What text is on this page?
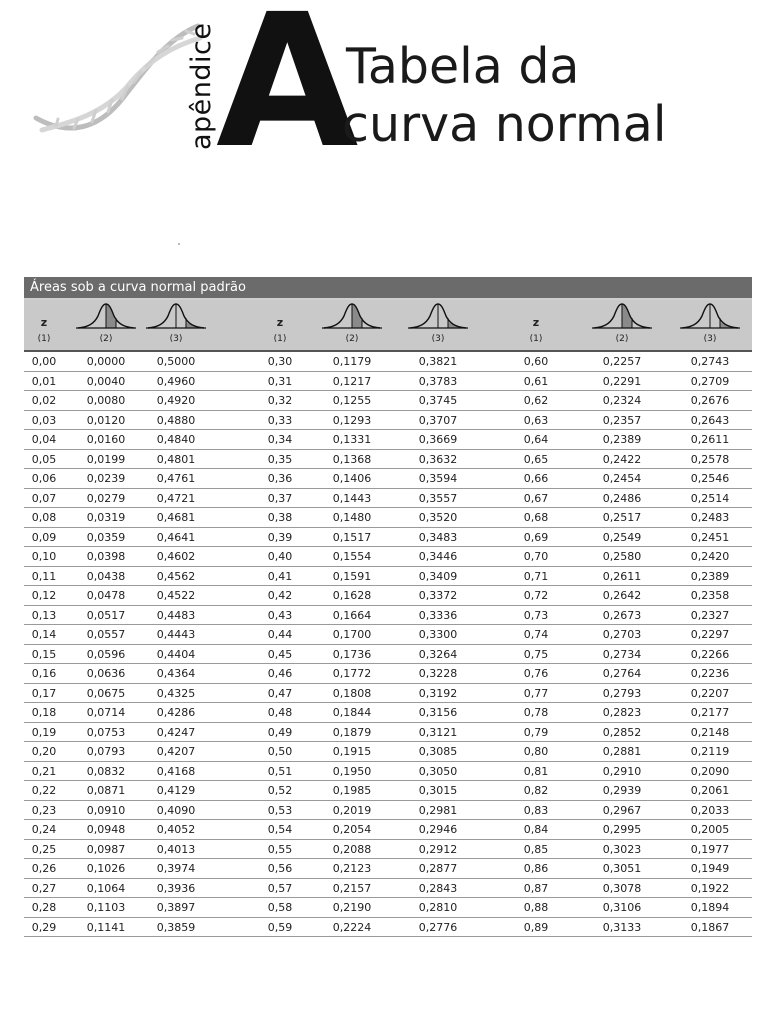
apêndice A
Tabela da
curva normal
Áreas sob a curva normal padrão
z
(1)	(2)	(3)
z
(1)	(2)	(3)
z
(1)	(2)	(3)
0,00	0,0000	0,5000	0,30	0,1179	0,3821	0,60	0,2257	0,2743
0,01	0,0040	0,4960	0,31	0,1217	0,3783	0,61	0,2291	0,2709
0,02	0,0080	0,4920	0,32	0,1255	0,3745	0,62	0,2324	0,2676
0,03	0,0120	0,4880	0,33	0,1293	0,3707	0,63	0,2357	0,2643
0,04	0,0160	0,4840	0,34	0,1331	0,3669	0,64	0,2389	0,2611
0,05	0,0199	0,4801	0,35	0,1368	0,3632	0,65	0,2422	0,2578
0,06	0,0239	0,4761	0,36	0,1406	0,3594	0,66	0,2454	0,2546
0,07	0,0279	0,4721	0,37	0,1443	0,3557	0,67	0,2486	0,2514
0,08	0,0319	0,4681	0,38	0,1480	0,3520	0,68	0,2517	0,2483
0,09	0,0359	0,4641	0,39	0,1517	0,3483	0,69	0,2549	0,2451
0,10	0,0398	0,4602	0,40	0,1554	0,3446	0,70	0,2580	0,2420
0,11	0,0438	0,4562	0,41	0,1591	0,3409	0,71	0,2611	0,2389
0,12	0,0478	0,4522	0,42	0,1628	0,3372	0,72	0,2642	0,2358
0,13	0,0517	0,4483	0,43	0,1664	0,3336	0,73	0,2673	0,2327
0,14	0,0557	0,4443	0,44	0,1700	0,3300	0,74	0,2703	0,2297
0,15	0,0596	0,4404	0,45	0,1736	0,3264	0,75	0,2734	0,2266
0,16	0,0636	0,4364	0,46	0,1772	0,3228	0,76	0,2764	0,2236
0,17	0,0675	0,4325	0,47	0,1808	0,3192	0,77	0,2793	0,2207
0,18	0,0714	0,4286	0,48	0,1844	0,3156	0,78	0,2823	0,2177
0,19	0,0753	0,4247	0,49	0,1879	0,3121	0,79	0,2852	0,2148
0,20	0,0793	0,4207	0,50	0,1915	0,3085	0,80	0,2881	0,2119
0,21	0,0832	0,4168	0,51	0,1950	0,3050	0,81	0,2910	0,2090
0,22	0,0871	0,4129	0,52	0,1985	0,3015	0,82	0,2939	0,2061
0,23	0,0910	0,4090	0,53	0,2019	0,2981	0,83	0,2967	0,2033
0,24	0,0948	0,4052	0,54	0,2054	0,2946	0,84	0,2995	0,2005
0,25	0,0987	0,4013	0,55	0,2088	0,2912	0,85	0,3023	0,1977
0,26	0,1026	0,3974	0,56	0,2123	0,2877	0,86	0,3051	0,1949
0,27	0,1064	0,3936	0,57	0,2157	0,2843	0,87	0,3078	0,1922
0,28	0,1103	0,3897	0,58	0,2190	0,2810	0,88	0,3106	0,1894
0,29	0,1141	0,3859	0,59	0,2224	0,2776	0,89	0,3133	0,1867
